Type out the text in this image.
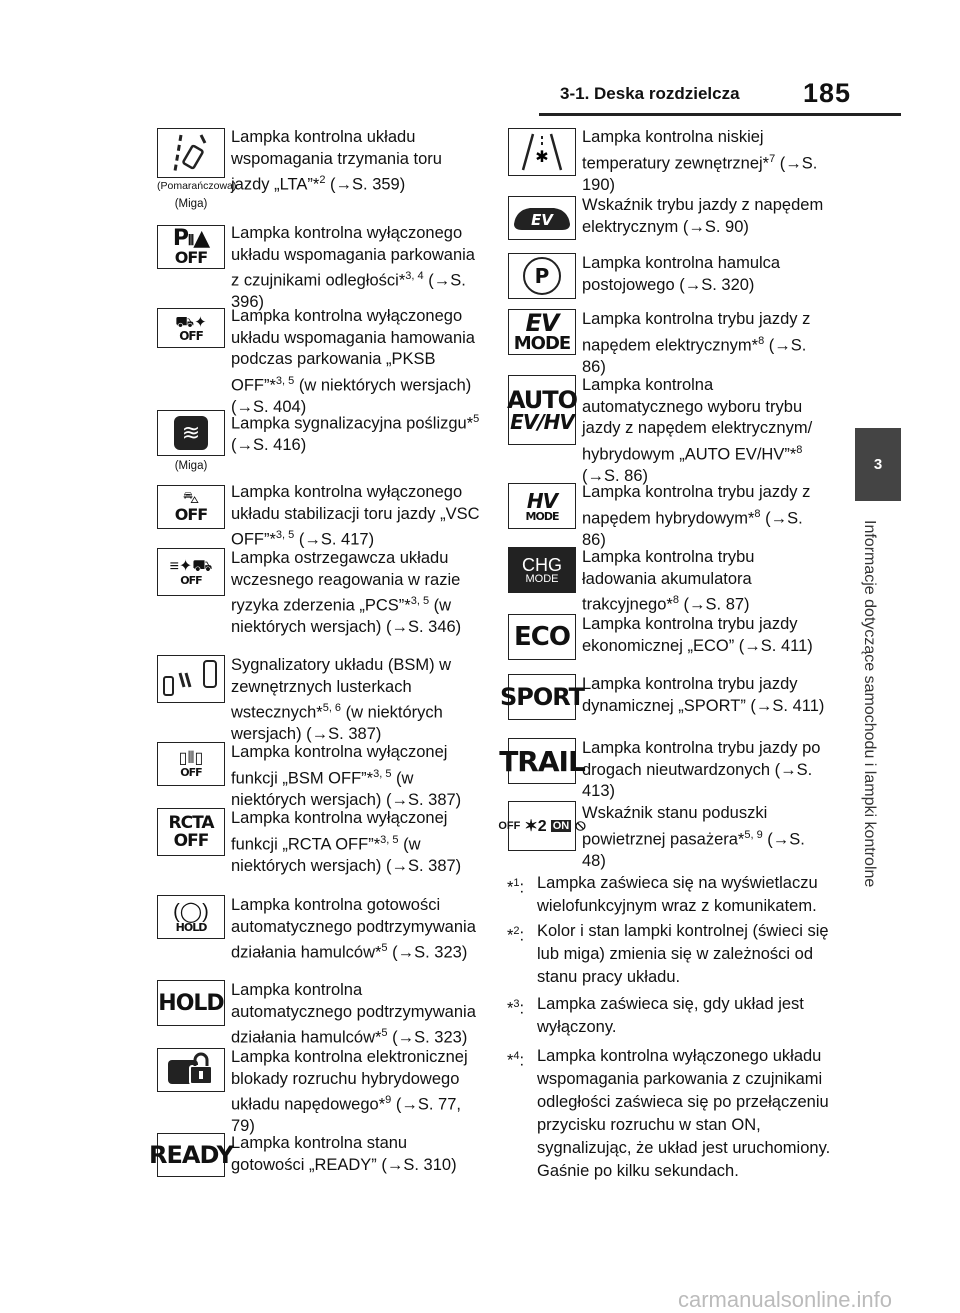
3-1. Deska rozdzielcza 185
3
Informacje dotyczące samochodu i lampki kontrolne
carmanualsonline.info
(Pomarańczowa)
(Miga)
Lampka kontrolna układu wspomagania trzymania toru jazdy „LTA”*$^2$ (→S. 359)
P⦀▲
OFF
Lampka kontrolna wyłączonego układu wspomagania parkowania z czujnikami odległości*$^{3, 4}$ (→S. 396)
⛟✦
OFF
Lampka kontrolna wyłączonego układu wspomagania hamowania podczas parkowania „PKSB OFF”*$^{3, 5}$ (w niektórych wersjach) (→S. 404)
≋
(Miga)
Lampka sygnalizacyjna poślizgu*$^5$ (→S. 416)
⛍
OFF
Lampka kontrolna wyłączonego układu stabilizacji toru jazdy „VSC OFF”*$^{3, 5}$ (→S. 417)
≡✦⛟
OFF
Lampka ostrzegawcza układu wczesnego reagowania w razie ryzyka zderzenia „PCS”*$^{3, 5}$ (w niektórych wersjach) (→S. 346)
Sygnalizatory układu (BSM) w zewnętrznych lusterkach wstecznych*$^{5, 6}$ (w niektórych wersjach) (→S. 387)
▯⦀▯
OFF
Lampka kontrolna wyłączonej funkcji „BSM OFF”*$^{3, 5}$ (w niektórych wersjach) (→S. 387)
RCTA
OFF
Lampka kontrolna wyłączonej funkcji „RCTA OFF”*$^{3, 5}$ (w niektórych wersjach) (→S. 387)
(◯)
HOLD
Lampka kontrolna gotowości automatycznego podtrzymywania działania hamulców*$^5$ (→S. 323)
HOLD
Lampka kontrolna automatycznego podtrzymywania działania hamulców*$^5$ (→S. 323)
Lampka kontrolna elektronicznej blokady rozruchu hybrydowego układu napędowego*$^9$ (→S. 77, 79)
READY
Lampka kontrolna stanu gotowości „READY” (→S. 310)
✱
Lampka kontrolna niskiej temperatury zewnętrznej*$^7$ (→S. 190)
EV
Wskaźnik trybu jazdy z napędem elektrycznym (→S. 90)
P
Lampka kontrolna hamulca postojowego (→S. 320)
EV
MODE
Lampka kontrolna trybu jazdy z napędem elektrycznym*$^8$ (→S. 86)
AUTO
EV/HV
Lampka kontrolna automatycznego wyboru trybu jazdy z napędem elektrycznym/ hybrydowym „AUTO EV/HV”*$^8$ (→S. 86)
HV
MODE
Lampka kontrolna trybu jazdy z napędem hybrydowym*$^8$ (→S. 86)
CHG
MODE
Lampka kontrolna trybu ładowania akumulatora trakcyjnego*$^8$ (→S. 87)
ECO Lampka kontrolna trybu jazdy ekonomicznej „ECO” (→S. 411)
SPORT
Lampka kontrolna trybu jazdy dynamicznej „SPORT” (→S. 411)
TRAIL
Lampka kontrolna trybu jazdy po drogach nieutwardzonych (→S. 413)
OFF ✶2 ON ⦸
Wskaźnik stanu poduszki powietrznej pasażera*$^{5, 9}$ (→S. 48)
*$^1$: Lampka zaświeca się na wyświetlaczu wielofunkcyjnym wraz z komunikatem.
*$^2$: Kolor i stan lampki kontrolnej (świeci się lub miga) zmienia się w zależności od stanu pracy układu.
*$^3$: Lampka zaświeca się, gdy układ jest wyłączony.
*$^4$: Lampka kontrolna wyłączonego układu wspomagania parkowania z czujnikami odległości zaświeca się po przełączeniu przycisku rozruchu w stan ON, sygnalizując, że układ jest uruchomiony. Gaśnie po kilku sekundach.
